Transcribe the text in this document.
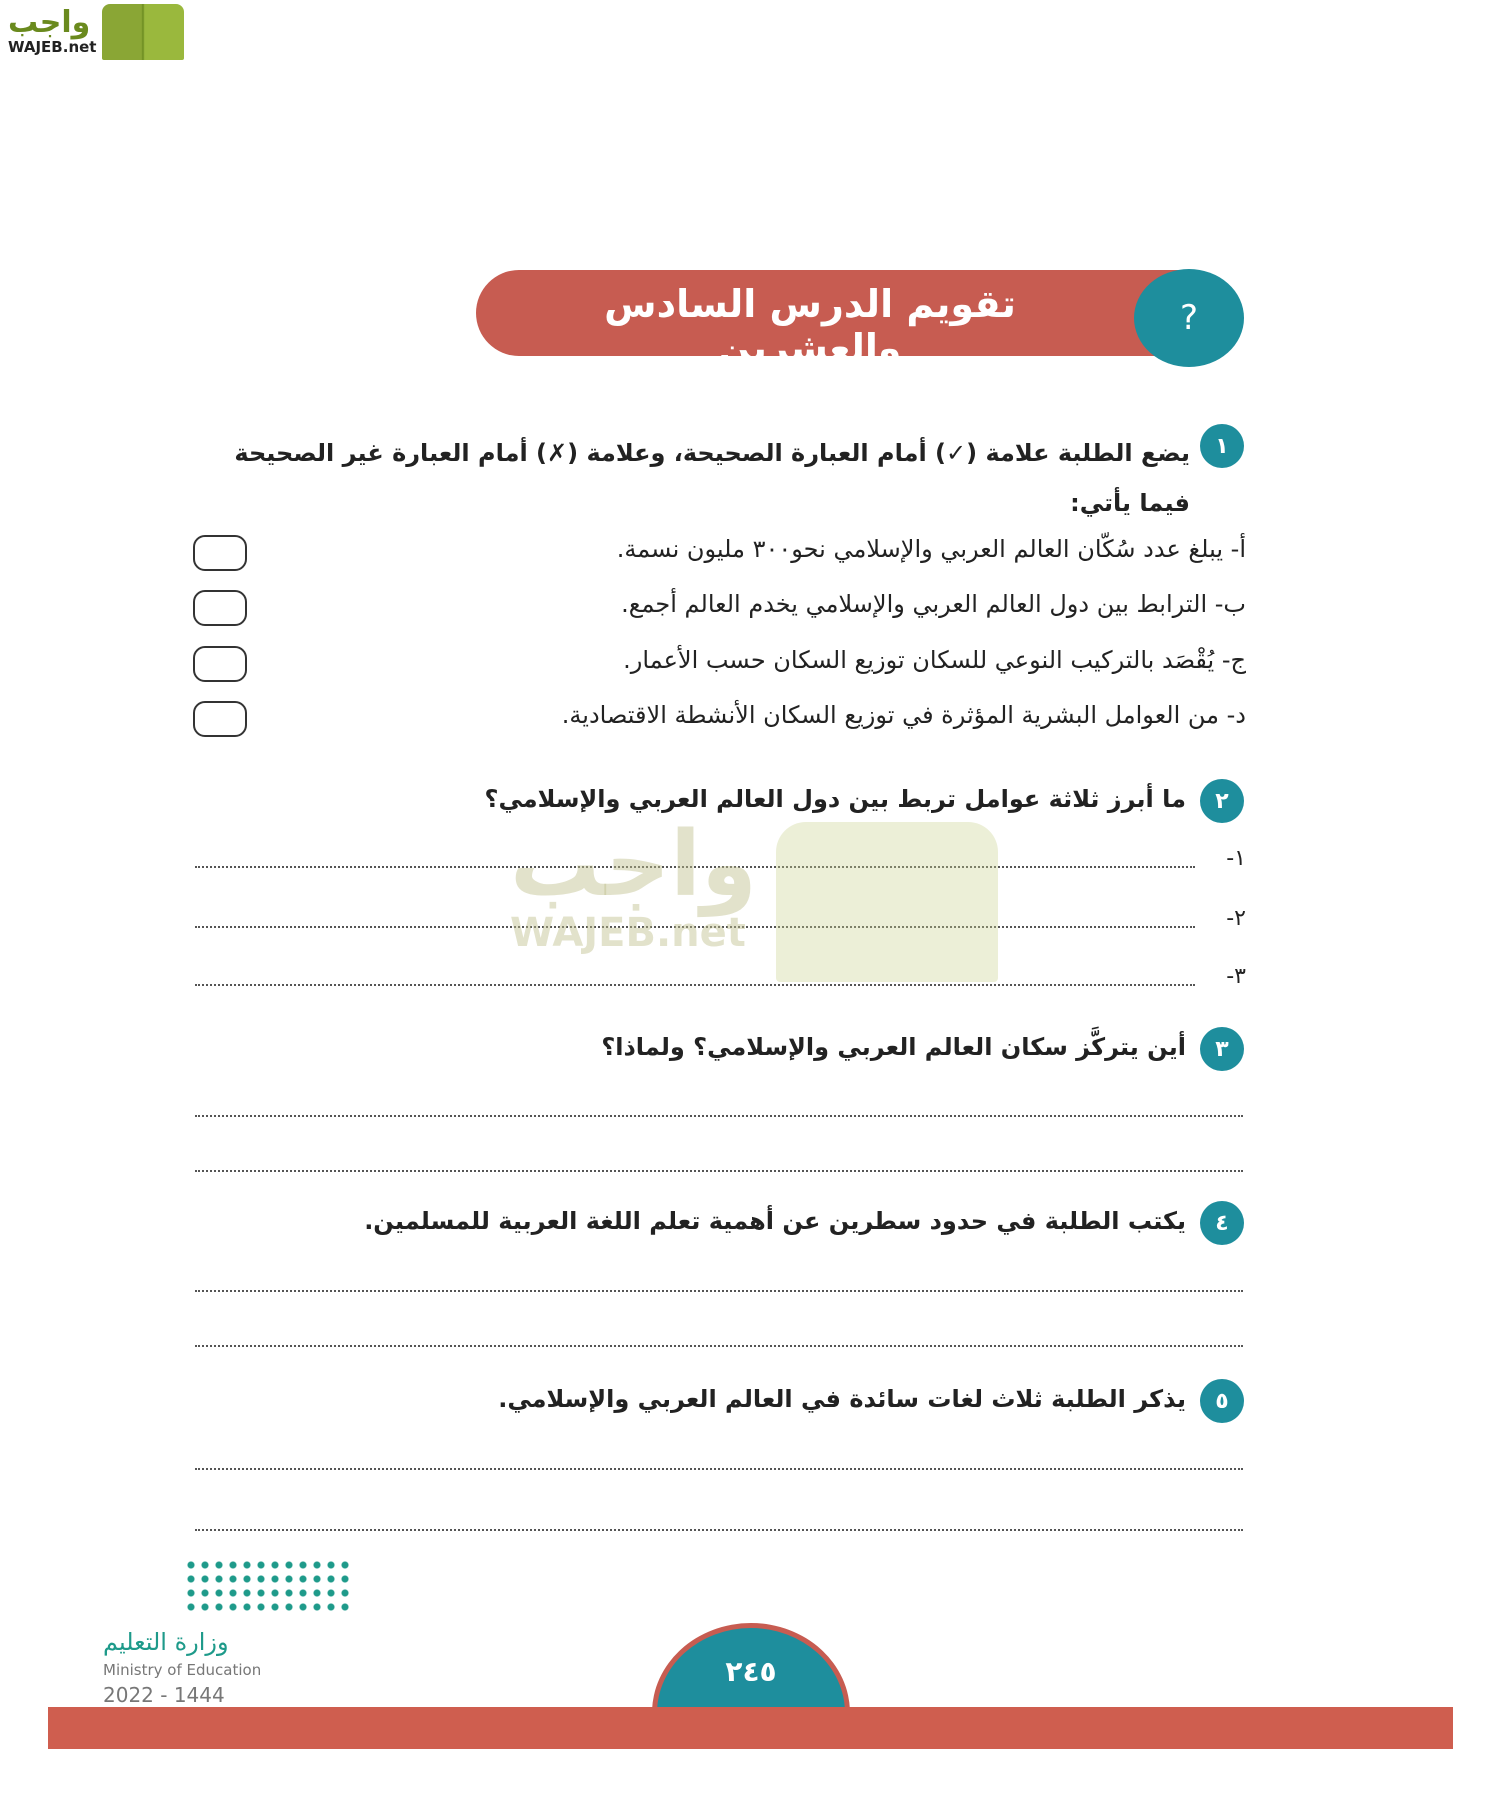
واجب
WAJEB.net
تقويم الدرس السادس والعشرين
?
١
يضع الطلبة علامة (✓) أمام العبارة الصحيحة، وعلامة (✗) أمام العبارة غير الصحيحة فيما يأتي:
أ- يبلغ عدد سُكّان العالم العربي والإسلامي نحو٣٠٠ مليون نسمة.
ب- الترابط بين دول العالم العربي والإسلامي يخدم العالم أجمع.
ج- يُقْصَد بالتركيب النوعي للسكان توزيع السكان حسب الأعمار.
د- من العوامل البشرية المؤثرة في توزيع السكان الأنشطة الاقتصادية.
٢
ما أبرز ثلاثة عوامل تربط بين دول العالم العربي والإسلامي؟
١-
٢-
٣-
واجب
WAJEB.net
٣
أين يتركَّز سكان العالم العربي والإسلامي؟ ولماذا؟
٤
يكتب الطلبة في حدود سطرين عن أهمية تعلم اللغة العربية للمسلمين.
٥
يذكر الطلبة ثلاث لغات سائدة في العالم العربي والإسلامي.
وزارة التعليم
Ministry of Education
2022 - 1444
٢٤٥
